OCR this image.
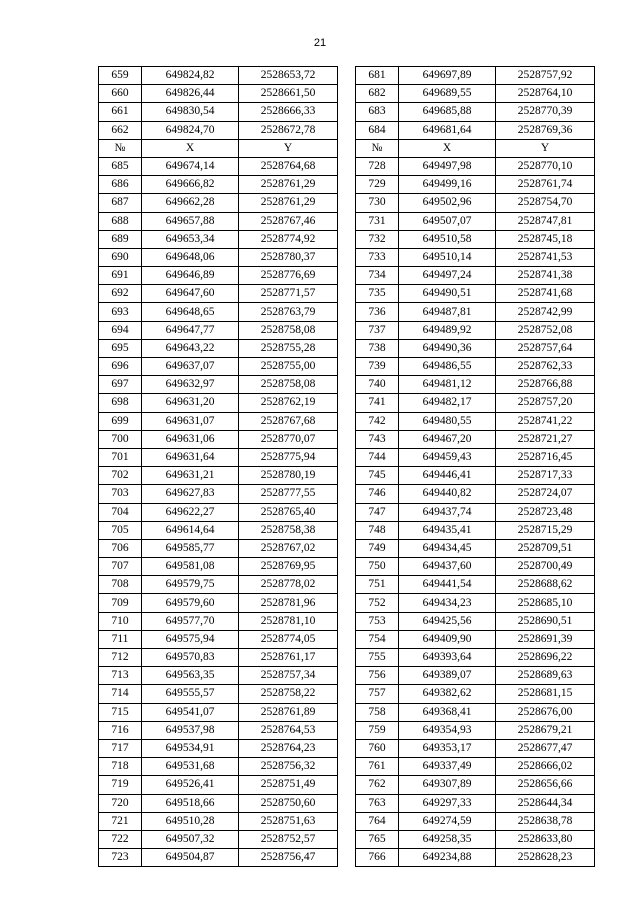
21
659	649824,82	2528653,72		681	649697,89	2528757,92
660	649826,44	2528661,50		682	649689,55	2528764,10
661	649830,54	2528666,33		683	649685,88	2528770,39
662	649824,70	2528672,78		684	649681,64	2528769,36
№	X	Y		№	X	Y
685	649674,14	2528764,68		728	649497,98	2528770,10
686	649666,82	2528761,29		729	649499,16	2528761,74
687	649662,28	2528761,29		730	649502,96	2528754,70
688	649657,88	2528767,46		731	649507,07	2528747,81
689	649653,34	2528774,92		732	649510,58	2528745,18
690	649648,06	2528780,37		733	649510,14	2528741,53
691	649646,89	2528776,69		734	649497,24	2528741,38
692	649647,60	2528771,57		735	649490,51	2528741,68
693	649648,65	2528763,79		736	649487,81	2528742,99
694	649647,77	2528758,08		737	649489,92	2528752,08
695	649643,22	2528755,28		738	649490,36	2528757,64
696	649637,07	2528755,00		739	649486,55	2528762,33
697	649632,97	2528758,08		740	649481,12	2528766,88
698	649631,20	2528762,19		741	649482,17	2528757,20
699	649631,07	2528767,68		742	649480,55	2528741,22
700	649631,06	2528770,07		743	649467,20	2528721,27
701	649631,64	2528775,94		744	649459,43	2528716,45
702	649631,21	2528780,19		745	649446,41	2528717,33
703	649627,83	2528777,55		746	649440,82	2528724,07
704	649622,27	2528765,40		747	649437,74	2528723,48
705	649614,64	2528758,38		748	649435,41	2528715,29
706	649585,77	2528767,02		749	649434,45	2528709,51
707	649581,08	2528769,95		750	649437,60	2528700,49
708	649579,75	2528778,02		751	649441,54	2528688,62
709	649579,60	2528781,96		752	649434,23	2528685,10
710	649577,70	2528781,10		753	649425,56	2528690,51
711	649575,94	2528774,05		754	649409,90	2528691,39
712	649570,83	2528761,17		755	649393,64	2528696,22
713	649563,35	2528757,34		756	649389,07	2528689,63
714	649555,57	2528758,22		757	649382,62	2528681,15
715	649541,07	2528761,89		758	649368,41	2528676,00
716	649537,98	2528764,53		759	649354,93	2528679,21
717	649534,91	2528764,23		760	649353,17	2528677,47
718	649531,68	2528756,32		761	649337,49	2528666,02
719	649526,41	2528751,49		762	649307,89	2528656,66
720	649518,66	2528750,60		763	649297,33	2528644,34
721	649510,28	2528751,63		764	649274,59	2528638,78
722	649507,32	2528752,57		765	649258,35	2528633,80
723	649504,87	2528756,47		766	649234,88	2528628,23
